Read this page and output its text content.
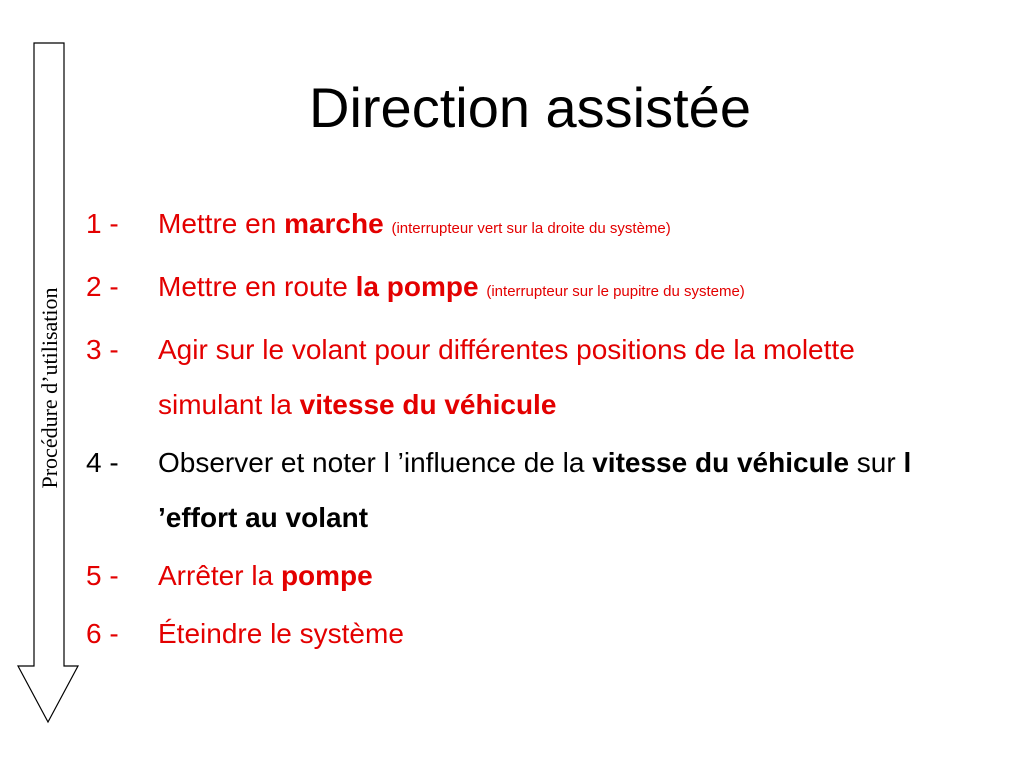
Procédure d’utilisation
Direction assistée
1 - Mettre en marche (interrupteur vert sur la droite du système)
2 - Mettre en route la pompe (interrupteur sur le pupitre du systeme)
3 - Agir sur le volant pour différentes positions de la molette simulant la vitesse du véhicule
4 - Observer et noter l ’influence de la vitesse du véhicule sur l ’effort au volant
5 - Arrêter la pompe
6 - Éteindre le système
